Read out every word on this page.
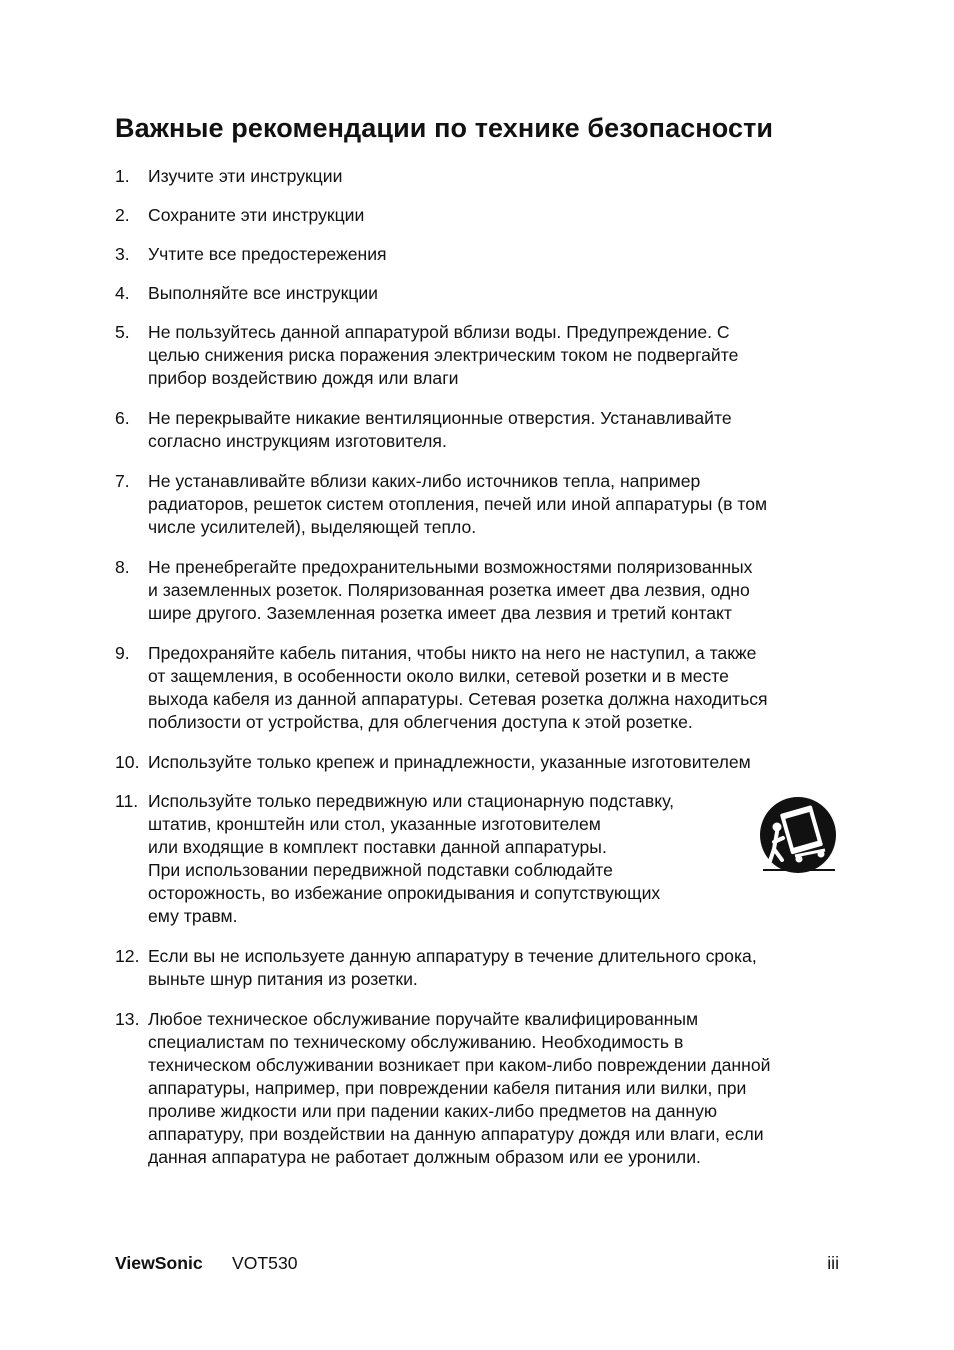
Важные рекомендации по технике безопасности
1. Изучите эти инструкции
2. Сохраните эти инструкции
3. Учтите все предостережения
4. Выполняйте все инструкции
5. Не пользуйтесь данной аппаратурой вблизи воды. Предупреждение. С
целью снижения риска поражения электрическим током не подвергайте
прибор воздействию дождя или влаги
6. Не перекрывайте никакие вентиляционные отверстия. Устанавливайте
согласно инструкциям изготовителя.
7. Не устанавливайте вблизи каких-либо источников тепла, например
радиаторов, решеток систем отопления, печей или иной аппаратуры (в том
числе усилителей), выделяющей тепло.
8. Не пренебрегайте предохранительными возможностями поляризованных
и заземленных розеток. Поляризованная розетка имеет два лезвия, одно
шире другого. Заземленная розетка имеет два лезвия и третий контакт
9. Предохраняйте кабель питания, чтобы никто на него не наступил, а также
от защемления, в особенности около вилки, сетевой розетки и в месте
выхода кабеля из данной аппаратуры. Сетевая розетка должна находиться
поблизости от устройства, для облегчения доступа к этой розетке.
10. Используйте только крепеж и принадлежности, указанные изготовителем
11. Используйте только передвижную или стационарную подставку,
штатив, кронштейн или стол, указанные изготовителем
или входящие в комплект поставки данной аппаратуры.
При использовании передвижной подставки соблюдайте
осторожность, во избежание опрокидывания и сопутствующих
ему травм.
12. Если вы не используете данную аппаратуру в течение длительного срока,
выньте шнур питания из розетки.
13. Любое техническое обслуживание поручайте квалифицированным
специалистам по техническому обслуживанию. Необходимость в
техническом обслуживании возникает при каком-либо повреждении данной
аппаратуры, например, при повреждении кабеля питания или вилки, при
проливе жидкости или при падении каких-либо предметов на данную
аппаратуру, при воздействии на данную аппаратуру дождя или влаги, если
данная аппаратура не работает должным образом или ее уронили.
ViewSonic VOT530	iii
